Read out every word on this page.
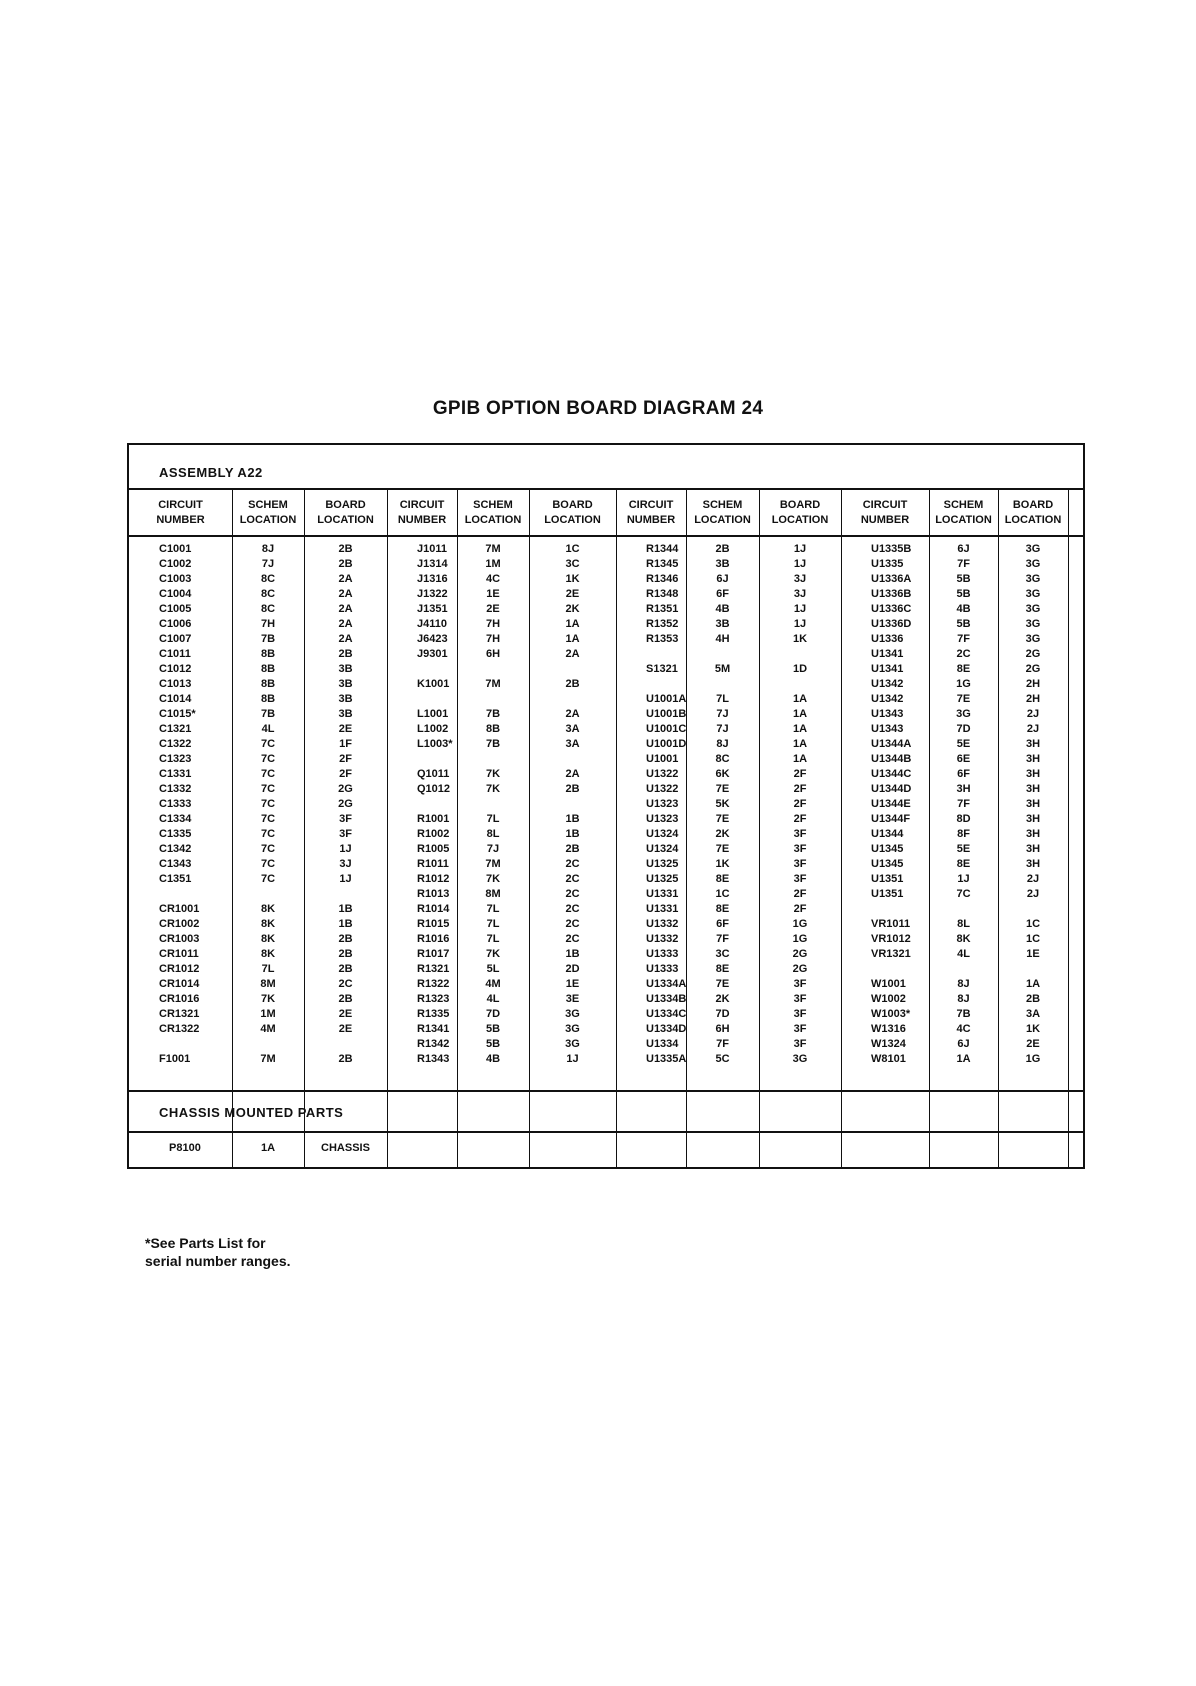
GPIB OPTION BOARD DIAGRAM 24
ASSEMBLY A22
CHASSIS MOUNTED PARTS
CIRCUIT
NUMBER
C1001
C1002
C1003
C1004
C1005
C1006
C1007
C1011
C1012
C1013
C1014
C1015*
C1321
C1322
C1323
C1331
C1332
C1333
C1334
C1335
C1342
C1343
C1351
CR1001
CR1002
CR1003
CR1011
CR1012
CR1014
CR1016
CR1321
CR1322
F1001
SCHEM
LOCATION
8J
7J
8C
8C
8C
7H
7B
8B
8B
8B
8B
7B
4L
7C
7C
7C
7C
7C
7C
7C
7C
7C
7C
8K
8K
8K
8K
7L
8M
7K
1M
4M
7M
BOARD
LOCATION
2B
2B
2A
2A
2A
2A
2A
2B
3B
3B
3B
3B
2E
1F
2F
2F
2G
2G
3F
3F
1J
3J
1J
1B
1B
2B
2B
2B
2C
2B
2E
2E
2B
CIRCUIT
NUMBER
J1011
J1314
J1316
J1322
J1351
J4110
J6423
J9301
K1001
L1001
L1002
L1003*
Q1011
Q1012
R1001
R1002
R1005
R1011
R1012
R1013
R1014
R1015
R1016
R1017
R1321
R1322
R1323
R1335
R1341
R1342
R1343
SCHEM
LOCATION
7M
1M
4C
1E
2E
7H
7H
6H
7M
7B
8B
7B
7K
7K
7L
8L
7J
7M
7K
8M
7L
7L
7L
7K
5L
4M
4L
7D
5B
5B
4B
BOARD
LOCATION
1C
3C
1K
2E
2K
1A
1A
2A
2B
2A
3A
3A
2A
2B
1B
1B
2B
2C
2C
2C
2C
2C
2C
1B
2D
1E
3E
3G
3G
3G
1J
CIRCUIT
NUMBER
R1344
R1345
R1346
R1348
R1351
R1352
R1353
S1321
U1001A
U1001B
U1001C
U1001D
U1001
U1322
U1322
U1323
U1323
U1324
U1324
U1325
U1325
U1331
U1331
U1332
U1332
U1333
U1333
U1334A
U1334B
U1334C
U1334D
U1334
U1335A
SCHEM
LOCATION
2B
3B
6J
6F
4B
3B
4H
5M
7L
7J
7J
8J
8C
6K
7E
5K
7E
2K
7E
1K
8E
1C
8E
6F
7F
3C
8E
7E
2K
7D
6H
7F
5C
BOARD
LOCATION
1J
1J
3J
3J
1J
1J
1K
1D
1A
1A
1A
1A
1A
2F
2F
2F
2F
3F
3F
3F
3F
2F
2F
1G
1G
2G
2G
3F
3F
3F
3F
3F
3G
CIRCUIT
NUMBER
U1335B
U1335
U1336A
U1336B
U1336C
U1336D
U1336
U1341
U1341
U1342
U1342
U1343
U1343
U1344A
U1344B
U1344C
U1344D
U1344E
U1344F
U1344
U1345
U1345
U1351
U1351
VR1011
VR1012
VR1321
W1001
W1002
W1003*
W1316
W1324
W8101
SCHEM
LOCATION
6J
7F
5B
5B
4B
5B
7F
2C
8E
1G
7E
3G
7D
5E
6E
6F
3H
7F
8D
8F
5E
8E
1J
7C
8L
8K
4L
8J
8J
7B
4C
6J
1A
BOARD
LOCATION
3G
3G
3G
3G
3G
3G
3G
2G
2G
2H
2H
2J
2J
3H
3H
3H
3H
3H
3H
3H
3H
3H
2J
2J
1C
1C
1E
1A
2B
3A
1K
2E
1G
P8100	1A	CHASSIS
*See Parts List for
serial number ranges.
